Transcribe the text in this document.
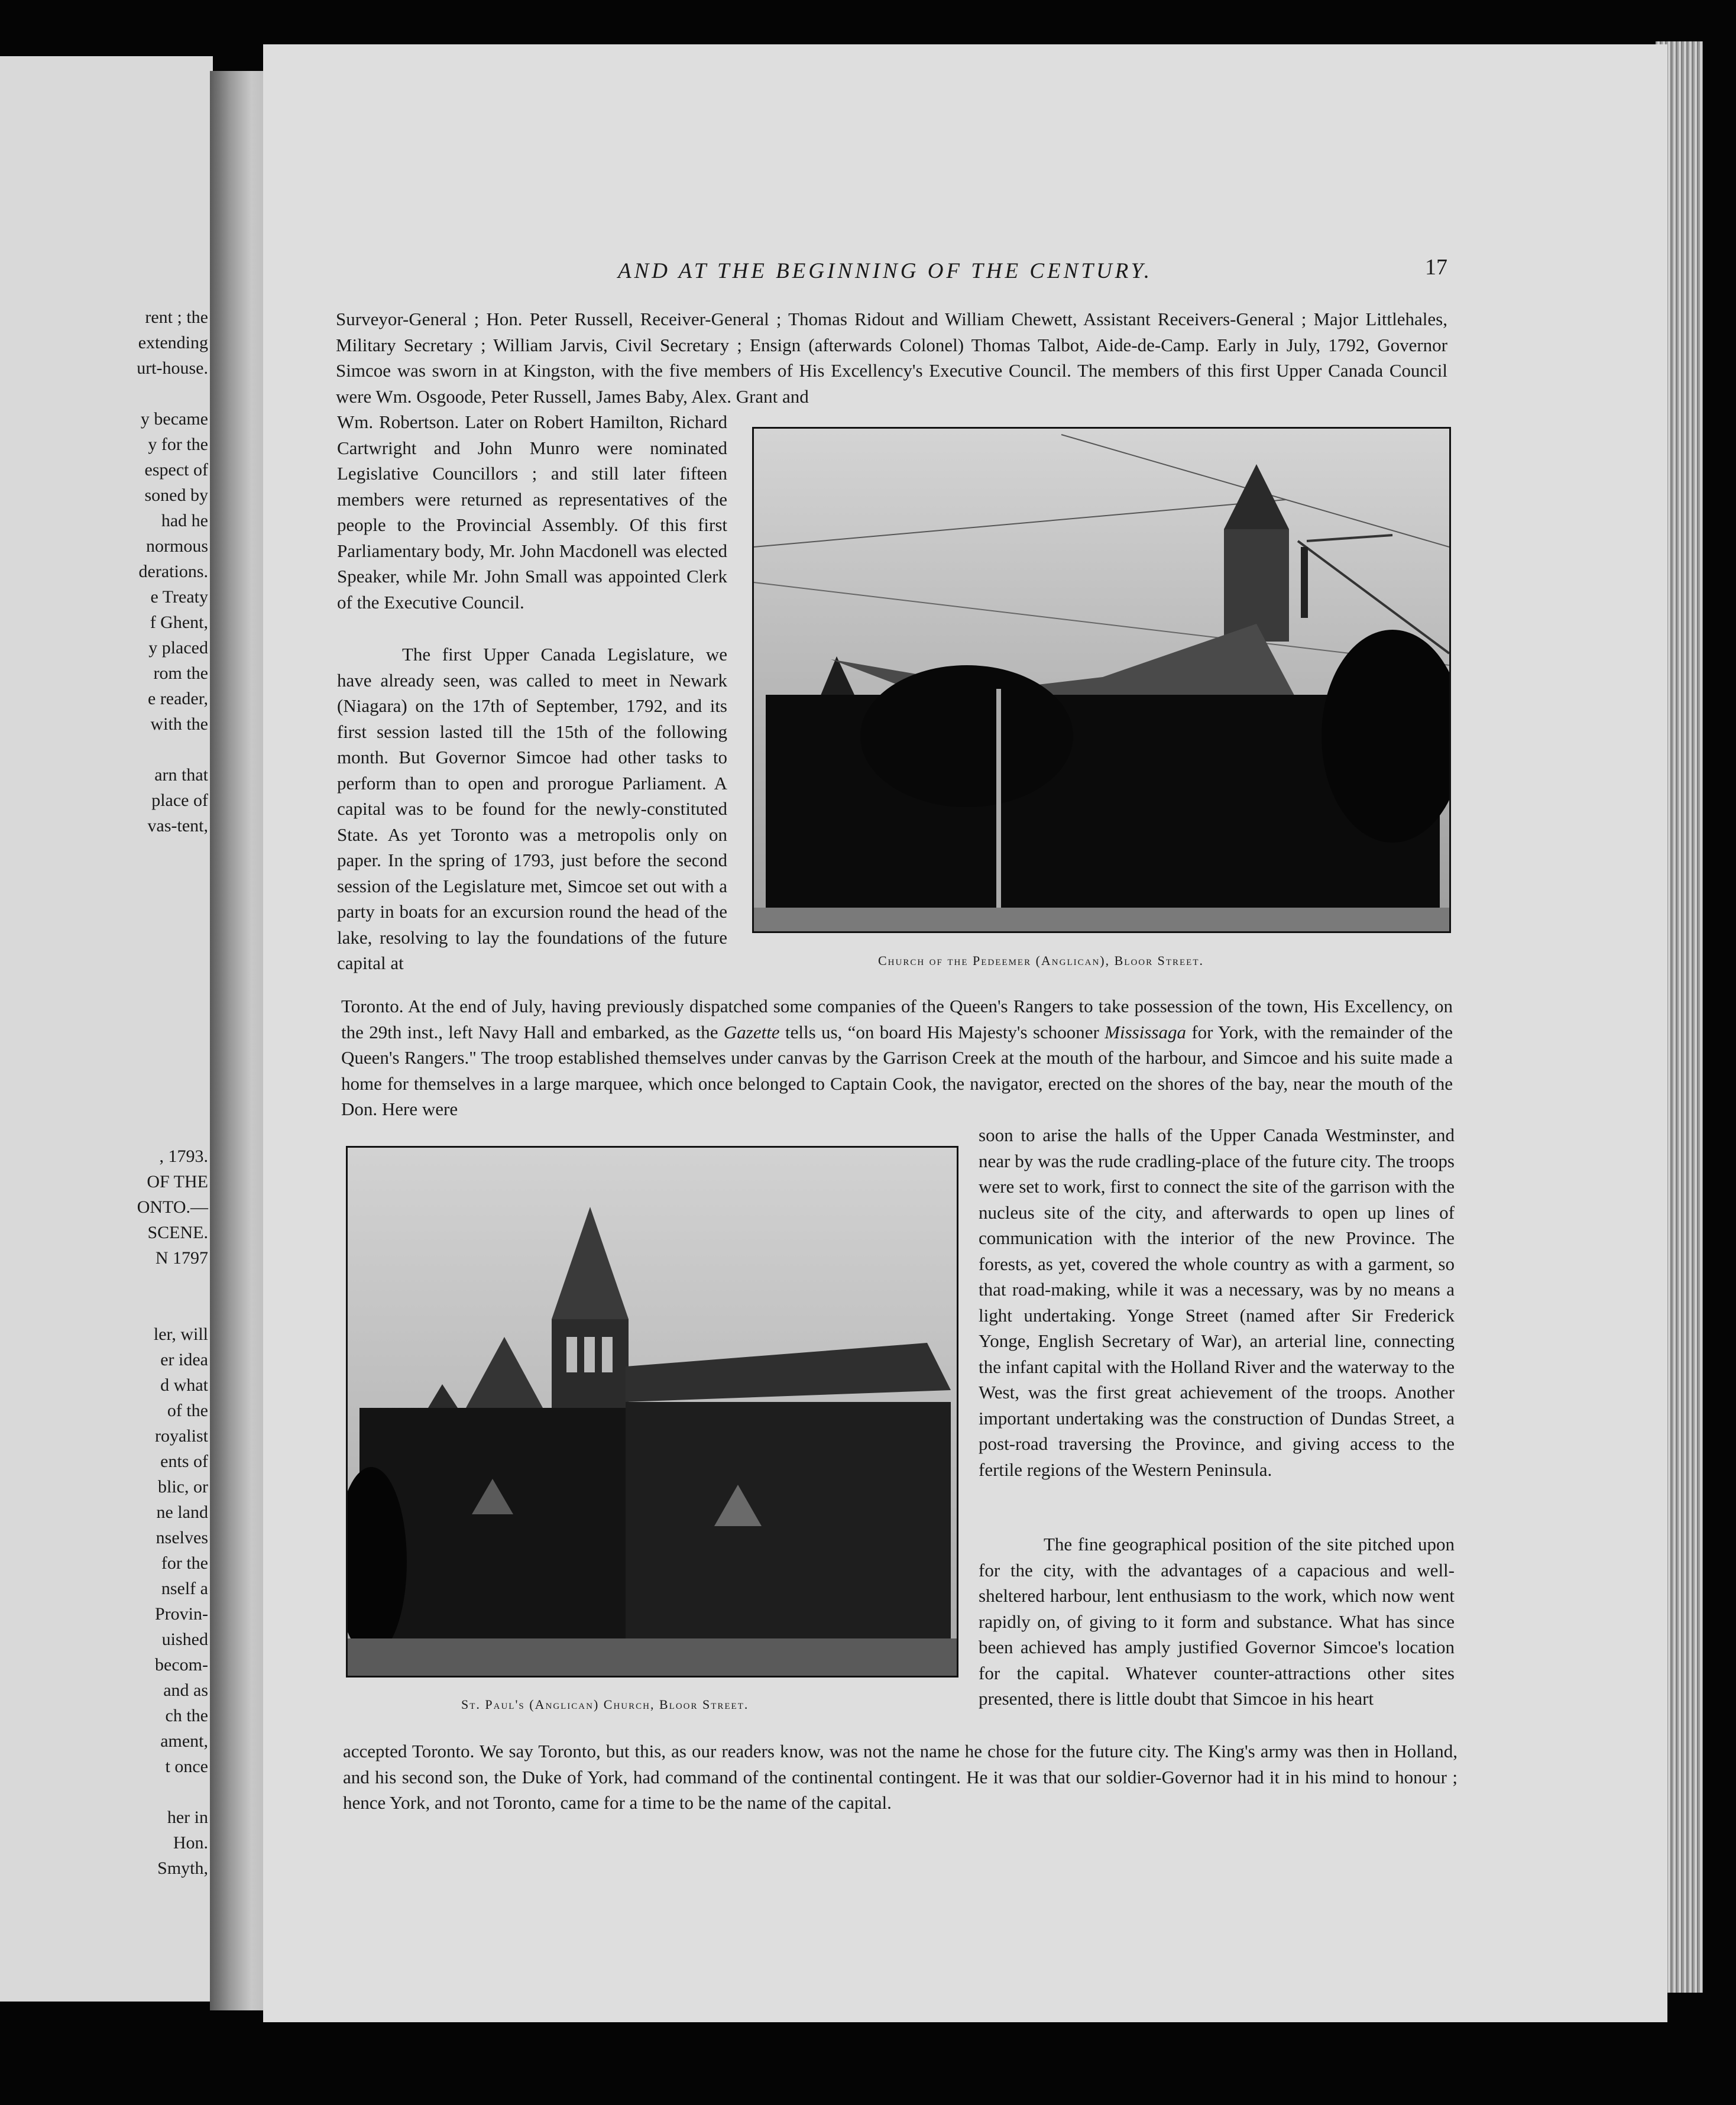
rent ; the

extending

urt-house.

y became

y for the

espect of

soned by

had he

normous

derations.

e Treaty

f Ghent,

y placed

rom the

e reader,

with the

arn that

place of

vas-tent,

, 1793.

OF THE

ONTO.—

SCENE.

N 1797

ler, will

er idea

d what

of the

royalist

ents of

blic, or

ne land

nselves

for the

nself a

Provin-

uished

becom-

and as

ch the

ament,

t once

her in

Hon.

Smyth,

AND AT THE BEGINNING OF THE CENTURY.	17

Surveyor-General ; Hon. Peter Russell, Receiver-General ; Thomas Ridout and William Chewett, Assistant Receivers-General ; Major Littlehales, Military Secretary ; William Jarvis, Civil Secretary ; Ensign (afterwards Colonel) Thomas Talbot, Aide-de-Camp. Early in July, 1792, Governor Simcoe was sworn in at Kingston, with the five members of His Excellency's Executive Council. The members of this first Upper Canada Council were Wm. Osgoode, Peter Russell, James Baby, Alex. Grant and

Wm. Robertson. Later on Robert Hamilton, Richard Cartwright and John Munro were nominated Legislative Councillors ; and still later fifteen members were returned as representatives of the people to the Provincial Assembly. Of this first Parliamentary body, Mr. John Macdonell was elected Speaker, while Mr. John Small was appointed Clerk of the Executive Council.

The first Upper Canada Legislature, we have already seen, was called to meet in Newark (Niagara) on the 17th of September, 1792, and its first session lasted till the 15th of the following month. But Governor Simcoe had other tasks to perform than to open and prorogue Parliament. A capital was to be found for the newly-constituted State. As yet Toronto was a metropolis only on paper. In the spring of 1793, just before the second session of the Legislature met, Simcoe set out with a party in boats for an excursion round the head of the lake, resolving to lay the foundations of the future capital at

Toronto. At the end of July, having previously dispatched some companies of the Queen's Rangers to take possession of the town, His Excellency, on the 29th inst., left Navy Hall and embarked, as the Gazette tells us, “on board His Majesty's schooner Mississaga for York, with the remainder of the Queen's Rangers." The troop established themselves under canvas by the Garrison Creek at the mouth of the harbour, and Simcoe and his suite made a home for themselves in a large marquee, which once belonged to Captain Cook, the navigator, erected on the shores of the bay, near the mouth of the Don. Here were

soon to arise the halls of the Upper Canada Westminster, and near by was the rude cradling-place of the future city. The troops were set to work, first to connect the site of the garrison with the nucleus site of the city, and afterwards to open up lines of communication with the interior of the new Province. The forests, as yet, covered the whole country as with a garment, so that road-making, while it was a necessary, was by no means a light undertaking. Yonge Street (named after Sir Frederick Yonge, English Secretary of War), an arterial line, connecting the infant capital with the Holland River and the waterway to the West, was the first great achievement of the troops. Another important undertaking was the construction of Dundas Street, a post-road traversing the Province, and giving access to the fertile regions of the Western Peninsula.

The fine geographical position of the site pitched upon for the city, with the advantages of a capacious and well-sheltered harbour, lent enthusiasm to the work, which now went rapidly on, of giving to it form and substance. What has since been achieved has amply justified Governor Simcoe's location for the capital. Whatever counter-attractions other sites presented, there is little doubt that Simcoe in his heart

accepted Toronto. We say Toronto, but this, as our readers know, was not the name he chose for the future city. The King's army was then in Holland, and his second son, the Duke of York, had command of the continental contingent. He it was that our soldier-Governor had it in his mind to honour ; hence York, and not Toronto, came for a time to be the name of the capital.

Church of the Pedeemer (Anglican), Bloor Street.
St. Paul's (Anglican) Church, Bloor Street.
